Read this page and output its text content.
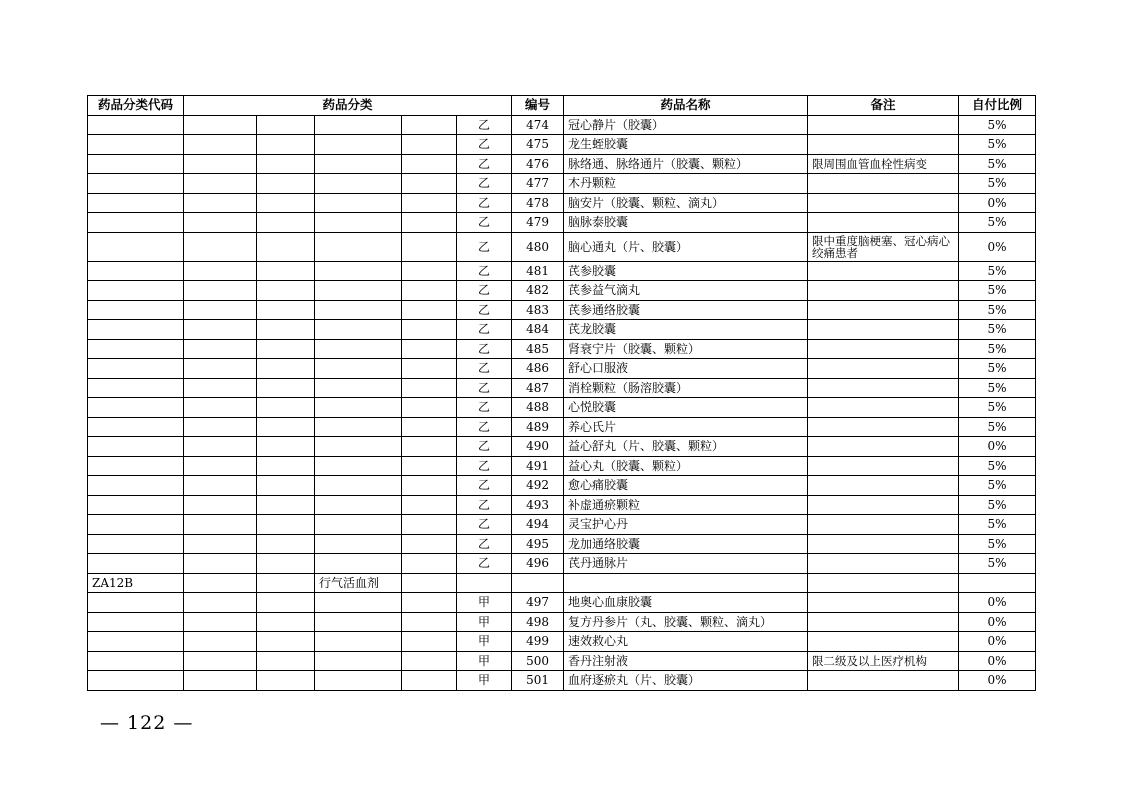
药品分类代码	药品分类					编号	药品名称	备注	自付比例
					乙	474	冠心静片（胶囊）		5%
					乙	475	龙生蛭胶囊		5%
					乙	476	脉络通、脉络通片（胶囊、颗粒）	限周围血管血栓性病变	5%
					乙	477	木丹颗粒		5%
					乙	478	脑安片（胶囊、颗粒、滴丸）		0%
					乙	479	脑脉泰胶囊		5%
					乙	480	脑心通丸（片、胶囊）	限中重度脑梗塞、冠心病心绞痛患者	0%
					乙	481	芪参胶囊		5%
					乙	482	芪参益气滴丸		5%
					乙	483	芪参通络胶囊		5%
					乙	484	芪龙胶囊		5%
					乙	485	肾衰宁片（胶囊、颗粒）		5%
					乙	486	舒心口服液		5%
					乙	487	消栓颗粒（肠溶胶囊）		5%
					乙	488	心悦胶囊		5%
					乙	489	养心氏片		5%
					乙	490	益心舒丸（片、胶囊、颗粒）		0%
					乙	491	益心丸（胶囊、颗粒）		5%
					乙	492	愈心痛胶囊		5%
					乙	493	补虚通瘀颗粒		5%
					乙	494	灵宝护心丹		5%
					乙	495	龙加通络胶囊		5%
					乙	496	芪丹通脉片		5%
ZA12B			行气活血剂						
					甲	497	地奥心血康胶囊		0%
					甲	498	复方丹参片（丸、胶囊、颗粒、滴丸）		0%
					甲	499	速效救心丸		0%
					甲	500	香丹注射液	限二级及以上医疗机构	0%
					甲	501	血府逐瘀丸（片、胶囊）		0%
— 122 —
